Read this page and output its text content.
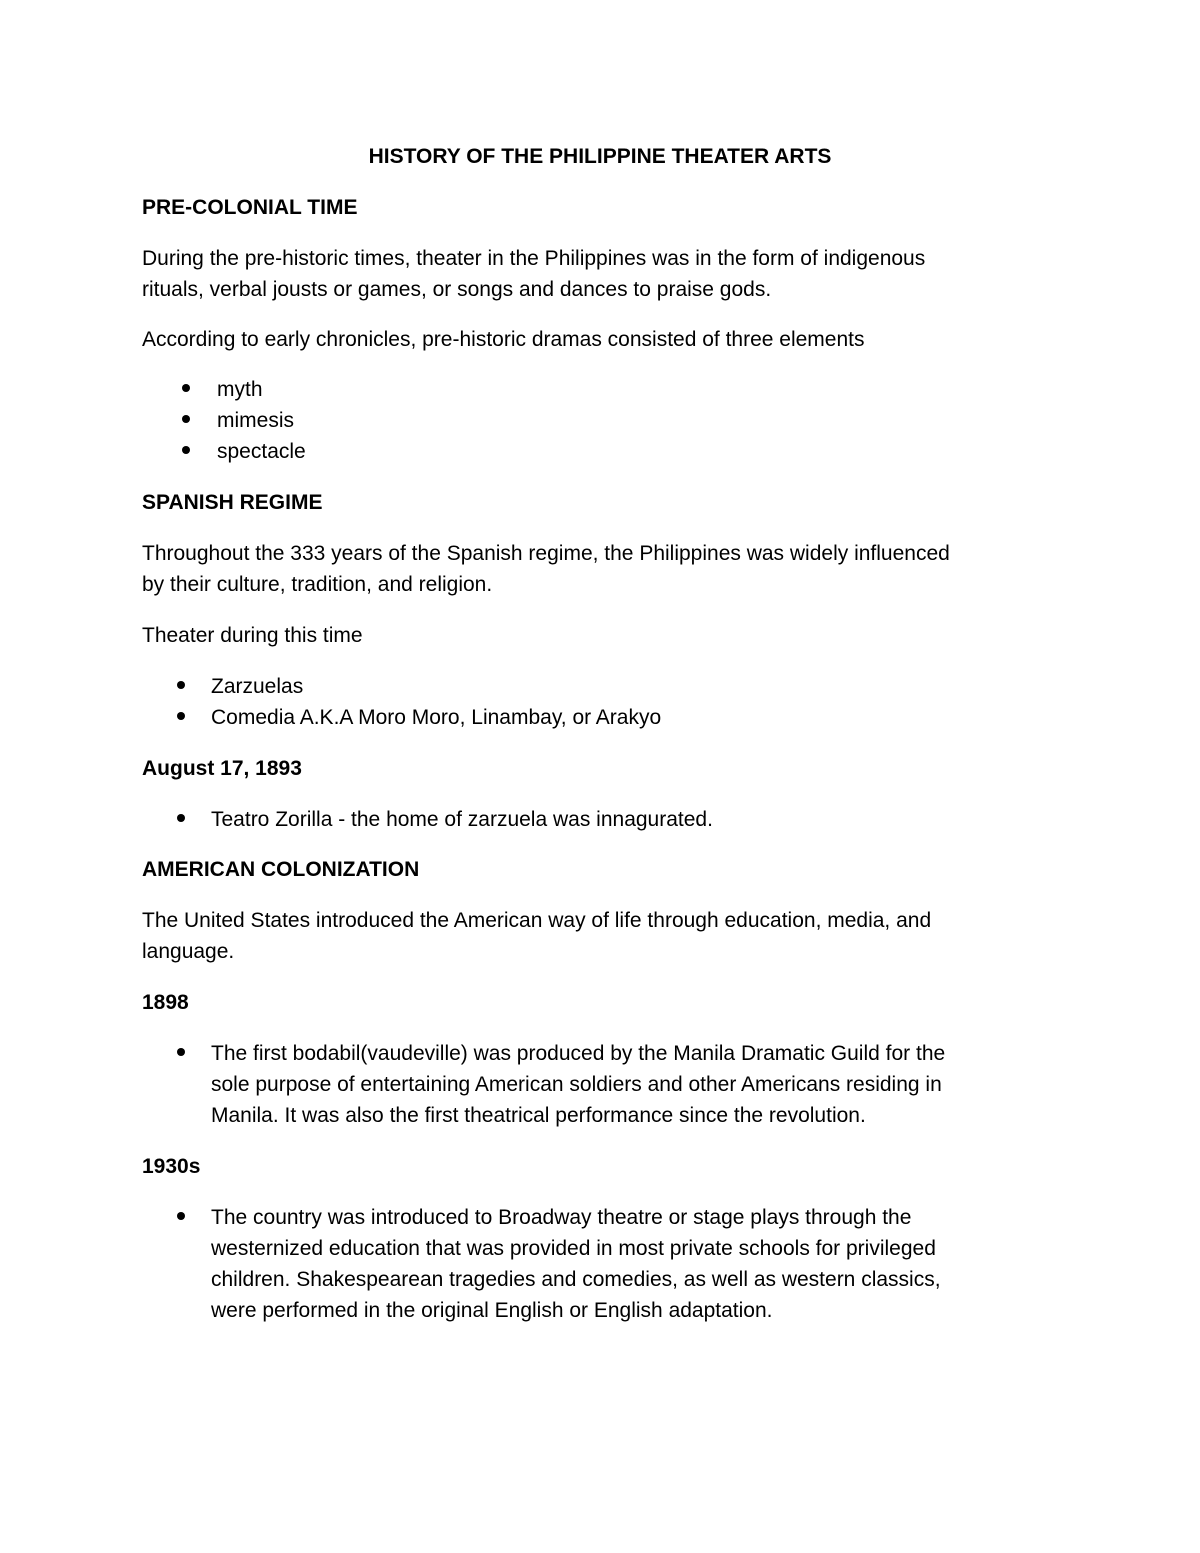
HISTORY OF THE PHILIPPINE THEATER ARTS

PRE-COLONIAL TIME

During the pre-historic times, theater in the Philippines was in the form of indigenous

rituals, verbal jousts or games, or songs and dances to praise gods.

According to early chronicles, pre-historic dramas consisted of three elements

myth

mimesis

spectacle

SPANISH REGIME

Throughout the 333 years of the Spanish regime, the Philippines was widely influenced

by their culture, tradition, and religion.

Theater during this time

Zarzuelas

Comedia A.K.A Moro Moro, Linambay, or Arakyo

August 17, 1893

Teatro Zorilla - the home of zarzuela was innagurated.

AMERICAN COLONIZATION

The United States introduced the American way of life through education, media, and

language.

1898

The first bodabil(vaudeville) was produced by the Manila Dramatic Guild for the

sole purpose of entertaining American soldiers and other Americans residing in

Manila. It was also the first theatrical performance since the revolution.

1930s

The country was introduced to Broadway theatre or stage plays through the

westernized education that was provided in most private schools for privileged

children. Shakespearean tragedies and comedies, as well as western classics,

were performed in the original English or English adaptation.
